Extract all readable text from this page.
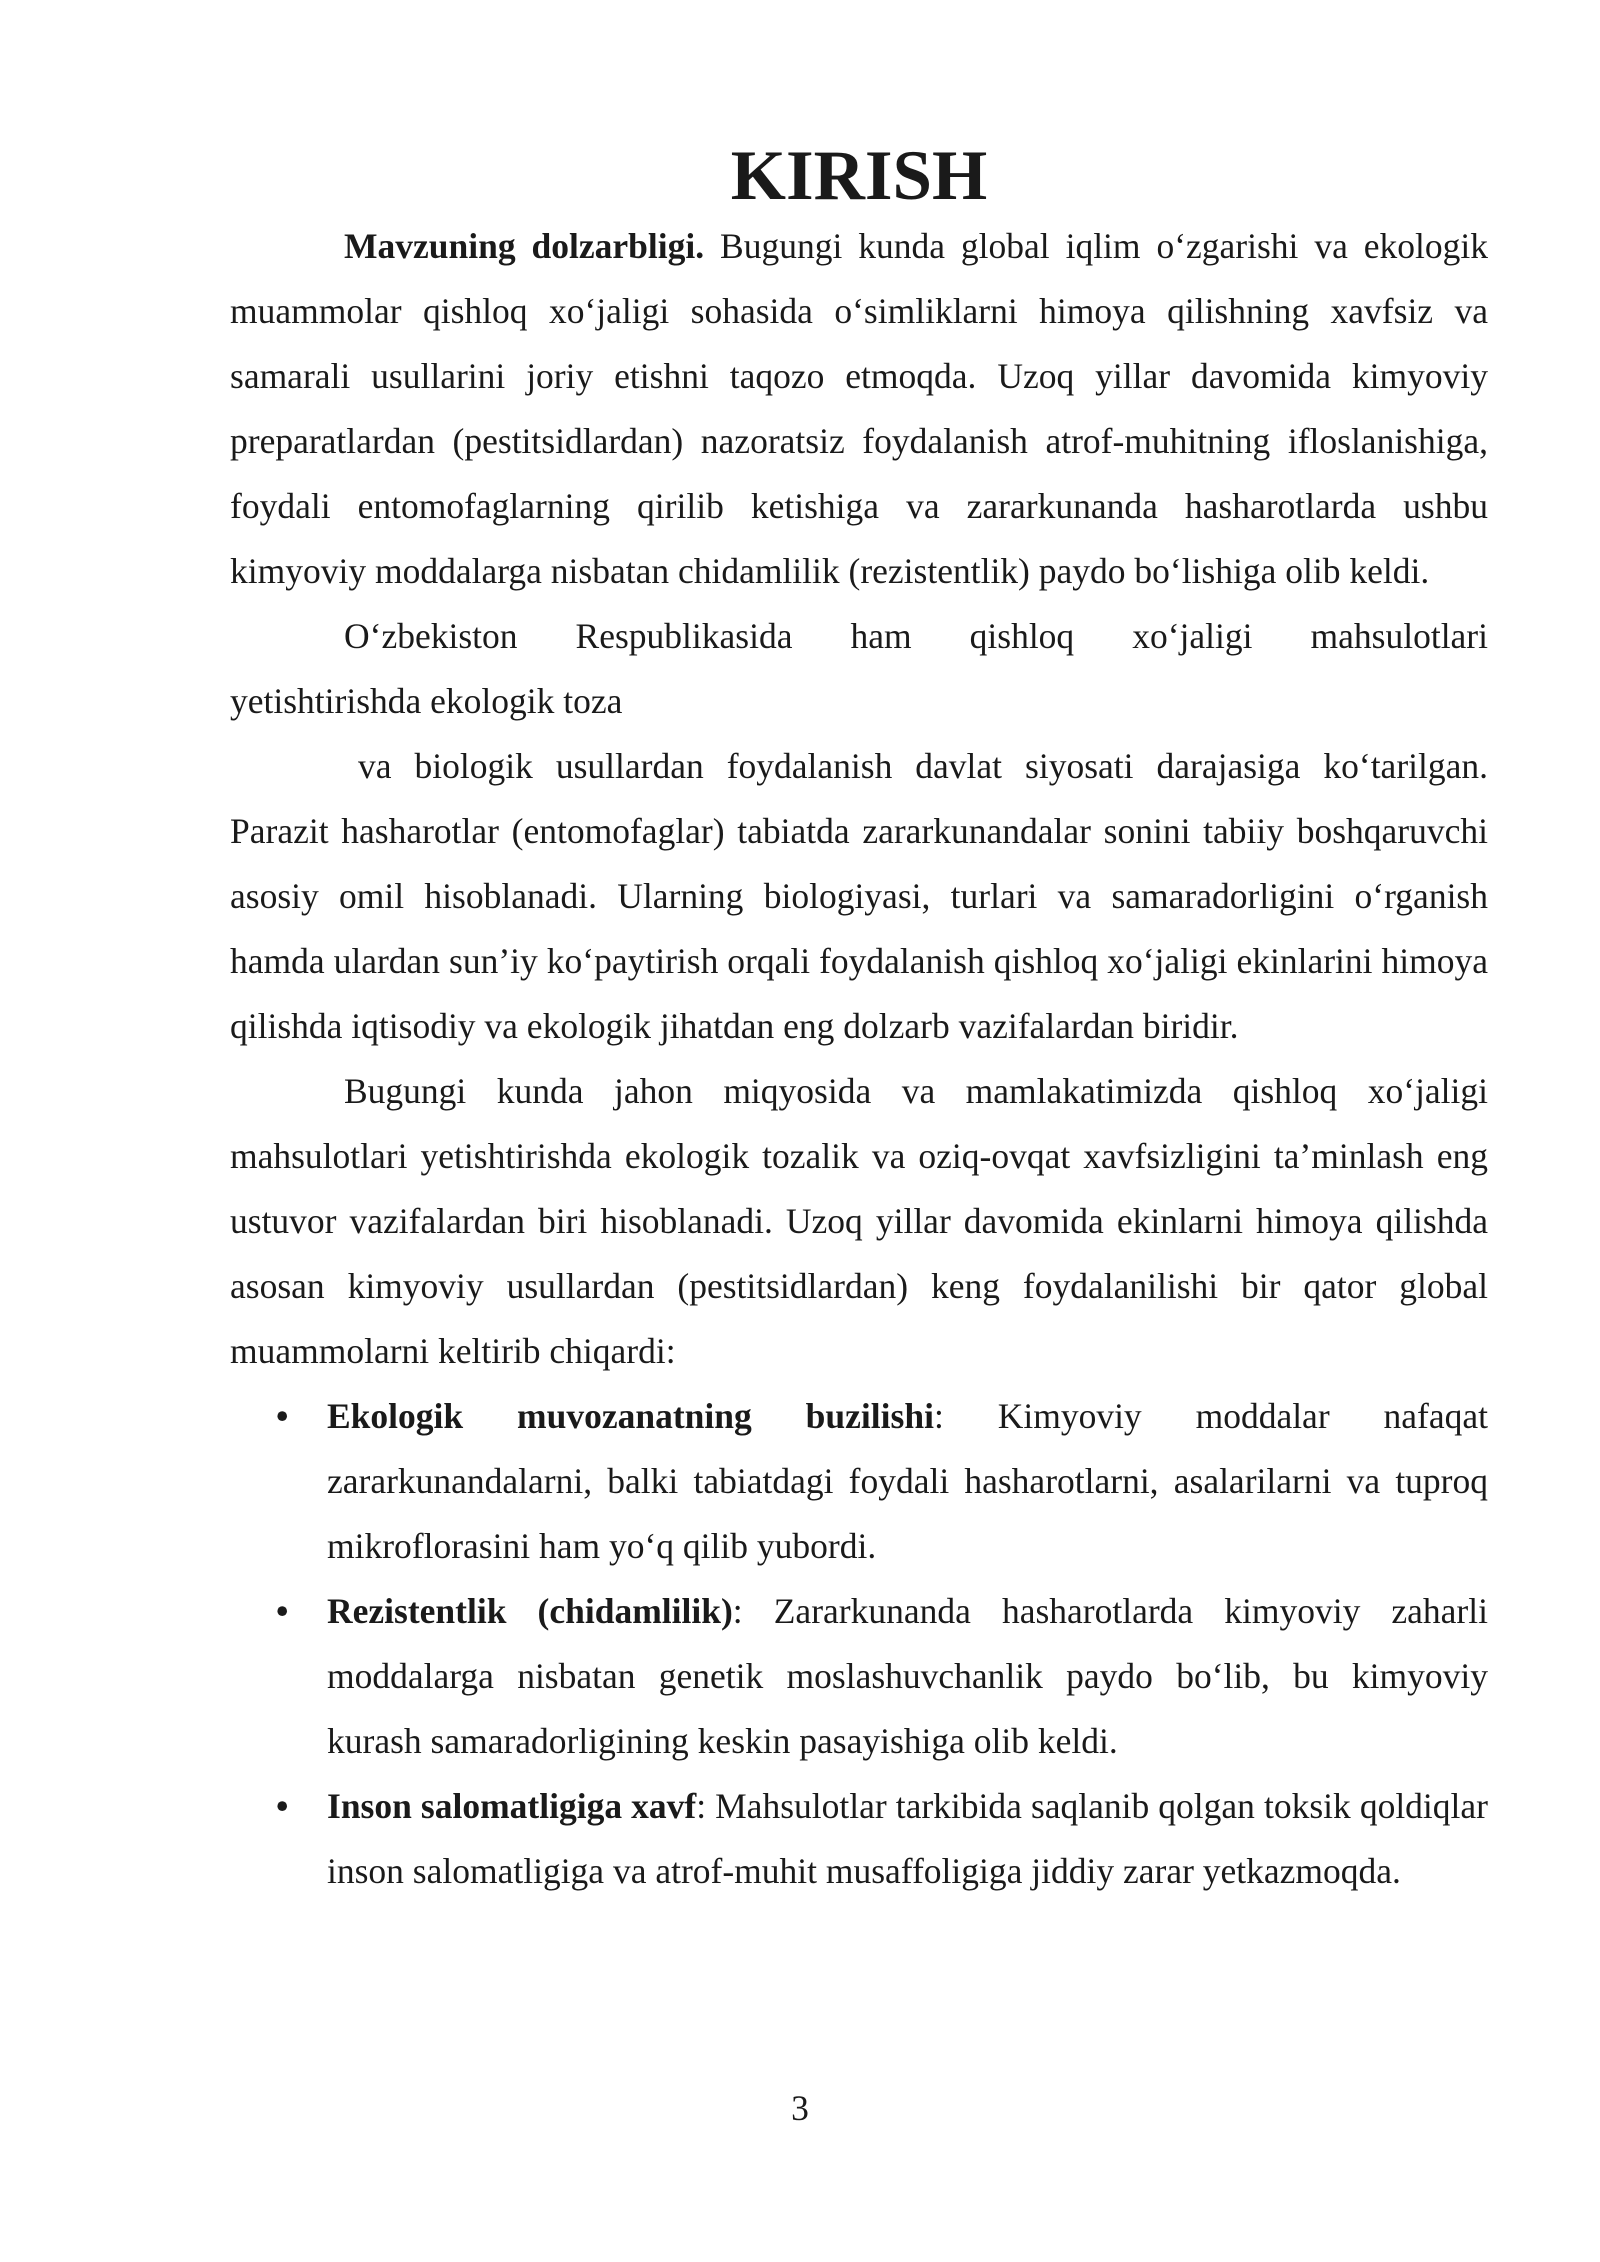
KIRISH

Mavzuning dolzarbligi. Bugungi kunda global iqlim o‘zgarishi va ekologik muammolar qishloq xo‘jaligi sohasida o‘simliklarni himoya qilishning xavfsiz va samarali usullarini joriy etishni taqozo etmoqda. Uzoq yillar davomida kimyoviy preparatlardan (pestitsidlardan) nazoratsiz foydalanish atrof-muhitning ifloslanishiga, foydali entomofaglarning qirilib ketishiga va zararkunanda hasharotlarda ushbu kimyoviy moddalarga nisbatan chidamlilik (rezistentlik) paydo bo‘lishiga olib keldi.

O‘zbekiston Respublikasida ham qishloq xo‘jaligi mahsulotlari

yetishtirishda ekologik toza

va biologik usullardan foydalanish davlat siyosati darajasiga ko‘tarilgan. Parazit hasharotlar (entomofaglar) tabiatda zararkunandalar sonini tabiiy boshqaruvchi asosiy omil hisoblanadi. Ularning biologiyasi, turlari va samaradorligini o‘rganish hamda ulardan sun’iy ko‘paytirish orqali foydalanish qishloq xo‘jaligi ekinlarini himoya qilishda iqtisodiy va ekologik jihatdan eng dolzarb vazifalardan biridir.

Bugungi kunda jahon miqyosida va mamlakatimizda qishloq xo‘jaligi mahsulotlari yetishtirishda ekologik tozalik va oziq-ovqat xavfsizligini ta’minlash eng ustuvor vazifalardan biri hisoblanadi. Uzoq yillar davomida ekinlarni himoya qilishda asosan kimyoviy usullardan (pestitsidlardan) keng foydalanilishi bir qator global muammolarni keltirib chiqardi:

• Ekologik muvozanatning buzilishi: Kimyoviy moddalar nafaqat zararkunandalarni, balki tabiatdagi foydali hasharotlarni, asalarilarni va tuproq mikroflorasini ham yo‘q qilib yubordi.
• Rezistentlik (chidamlilik): Zararkunanda hasharotlarda kimyoviy zaharli moddalarga nisbatan genetik moslashuvchanlik paydo bo‘lib, bu kimyoviy kurash samaradorligining keskin pasayishiga olib keldi.
• Inson salomatligiga xavf: Mahsulotlar tarkibida saqlanib qolgan toksik qoldiqlar inson salomatligiga va atrof-muhit musaffoligiga jiddiy zarar yetkazmoqda.
3
